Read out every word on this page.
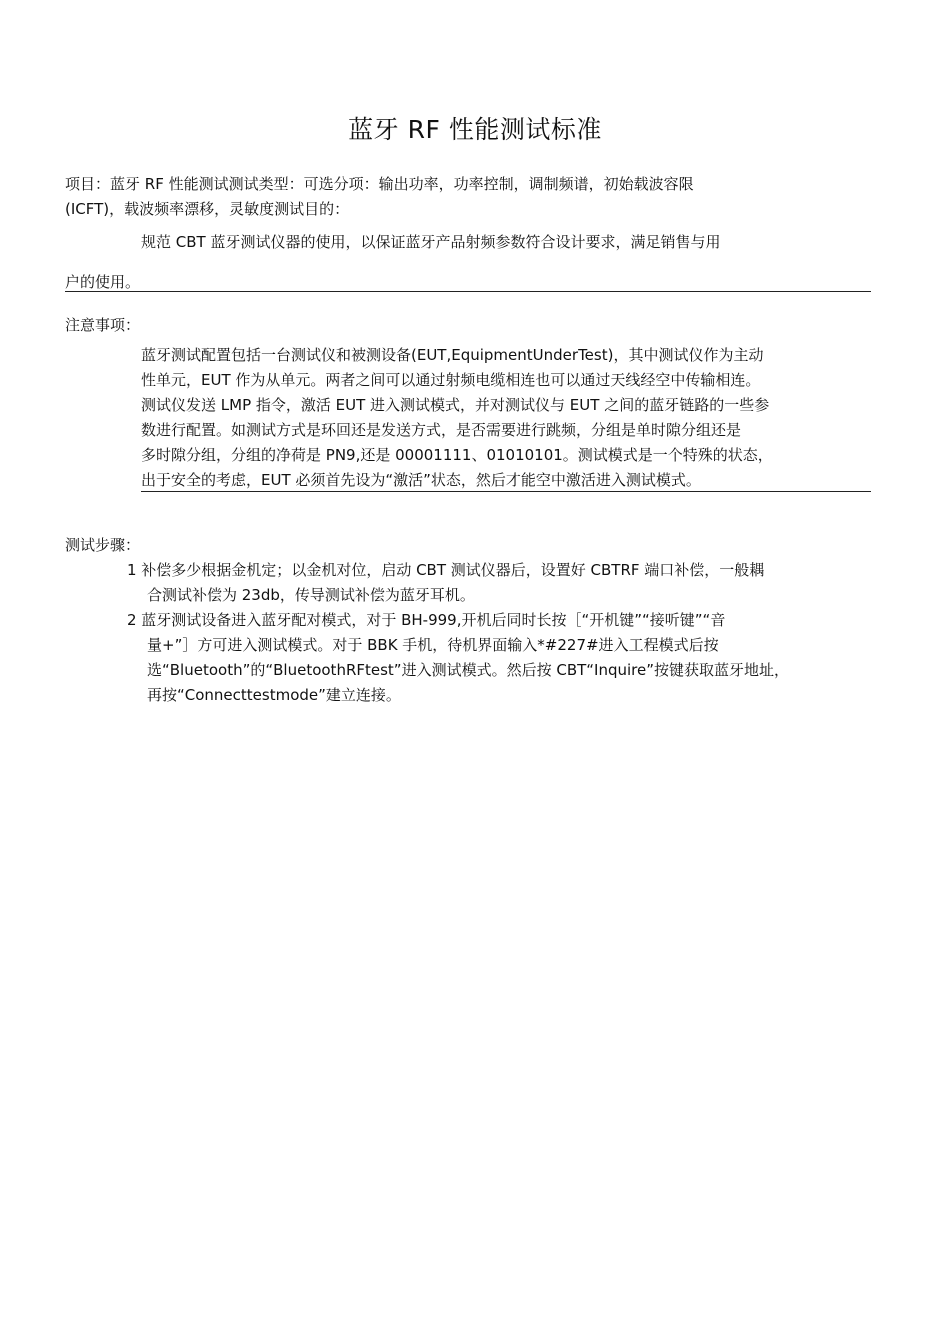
蓝牙 RF 性能测试标准

项目：蓝牙 RF 性能测试测试类型：可选分项：输出功率，功率控制，调制频谱，初始载波容限

(ICFT)，载波频率漂移，灵敏度测试目的：

规范 CBT 蓝牙测试仪器的使用，以保证蓝牙产品射频参数符合设计要求，满足销售与用
户的使用。
注意事项：

蓝牙测试配置包括一台测试仪和被测设备(EUT,EquipmentUnderTest)，其中测试仪作为主动

性单元，EUT 作为从单元。两者之间可以通过射频电缆相连也可以通过天线经空中传输相连。

测试仪发送 LMP 指令，激活 EUT 进入测试模式，并对测试仪与 EUT 之间的蓝牙链路的一些参

数进行配置。如测试方式是环回还是发送方式，是否需要进行跳频，分组是单时隙分组还是

多时隙分组，分组的净荷是 PN9,还是 00001111、01010101。测试模式是一个特殊的状态，

出于安全的考虑，EUT 必须首先设为“激活”状态，然后才能空中激活进入测试模式。

测试步骤：
1 补偿多少根据金机定；以金机对位，启动 CBT 测试仪器后，设置好 CBTRF 端口补偿，一般耦
合测试补偿为 23db，传导测试补偿为蓝牙耳机。
2 蓝牙测试设备进入蓝牙配对模式，对于 BH-999,开机后同时长按［“开机键”“接听键”“音
量+”］方可进入测试模式。对于 BBK 手机，待机界面输入*#227#进入工程模式后按
选“Bluetooth”的“BluetoothRFtest”进入测试模式。然后按 CBT“Inquire”按键获取蓝牙地址，
再按“Connecttestmode”建立连接。
